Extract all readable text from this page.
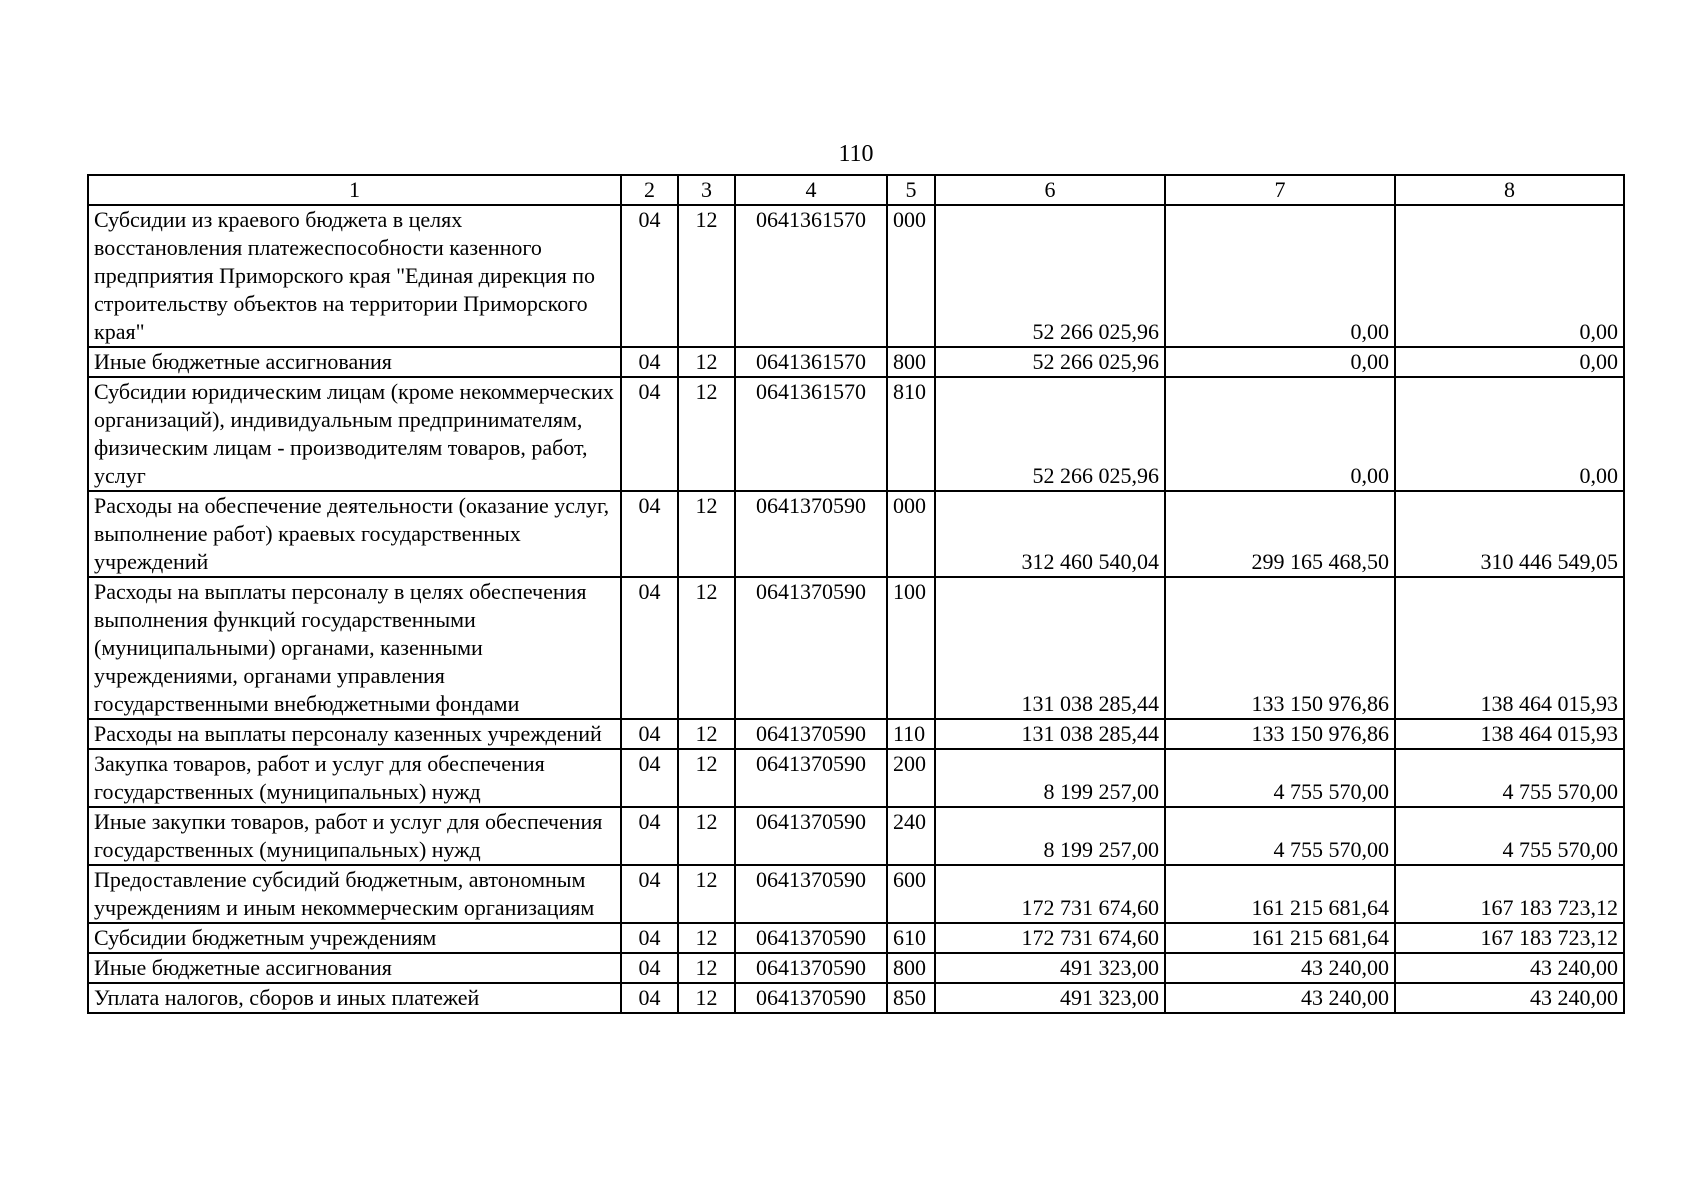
110
1	2	3	4	5	6	7	8
Субсидии из краевого бюджета в целях восстановления платежеспособности казенного предприятия Приморского края "Единая дирекция по строительству объектов на территории Приморского края"	04	12	0641361570	000	52 266 025,96	0,00	0,00
Иные бюджетные ассигнования	04	12	0641361570	800	52 266 025,96	0,00	0,00
Субсидии юридическим лицам (кроме некоммерческих организаций), индивидуальным предпринимателям, физическим лицам - производителям товаров, работ, услуг	04	12	0641361570	810	52 266 025,96	0,00	0,00
Расходы на обеспечение деятельности (оказание услуг, выполнение работ) краевых государственных учреждений	04	12	0641370590	000	312 460 540,04	299 165 468,50	310 446 549,05
Расходы на выплаты персоналу в целях обеспечения выполнения функций государственными (муниципальными) органами, казенными учреждениями, органами управления государственными внебюджетными фондами	04	12	0641370590	100	131 038 285,44	133 150 976,86	138 464 015,93
Расходы на выплаты персоналу казенных учреждений	04	12	0641370590	110	131 038 285,44	133 150 976,86	138 464 015,93
Закупка товаров, работ и услуг для обеспечения государственных (муниципальных) нужд	04	12	0641370590	200	8 199 257,00	4 755 570,00	4 755 570,00
Иные закупки товаров, работ и услуг для обеспечения государственных (муниципальных) нужд	04	12	0641370590	240	8 199 257,00	4 755 570,00	4 755 570,00
Предоставление субсидий бюджетным, автономным учреждениям и иным некоммерческим организациям	04	12	0641370590	600	172 731 674,60	161 215 681,64	167 183 723,12
Субсидии бюджетным учреждениям	04	12	0641370590	610	172 731 674,60	161 215 681,64	167 183 723,12
Иные бюджетные ассигнования	04	12	0641370590	800	491 323,00	43 240,00	43 240,00
Уплата налогов, сборов и иных платежей	04	12	0641370590	850	491 323,00	43 240,00	43 240,00
